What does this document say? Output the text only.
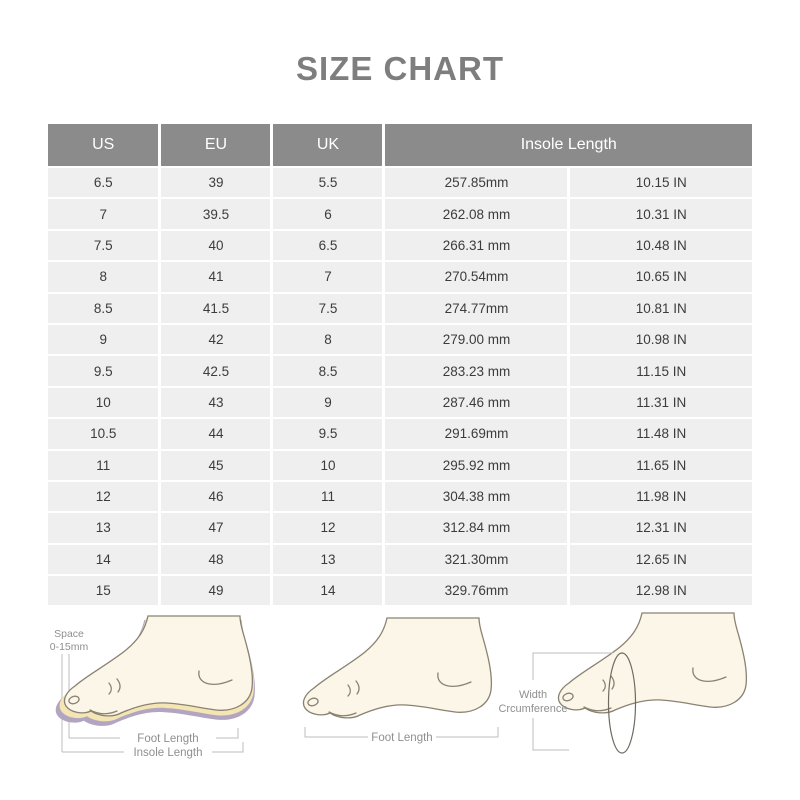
SIZE CHART
US	EU	UK	Insole Length	
6.5	39	5.5	257.85mm	10.15 IN
7	39.5	6	262.08 mm	10.31 IN
7.5	40	6.5	266.31 mm	10.48 IN
8	41	7	270.54mm	10.65 IN
8.5	41.5	7.5	274.77mm	10.81 IN
9	42	8	279.00 mm	10.98 IN
9.5	42.5	8.5	283.23 mm	11.15 IN
10	43	9	287.46 mm	11.31 IN
10.5	44	9.5	291.69mm	11.48 IN
11	45	10	295.92 mm	11.65 IN
12	46	11	304.38 mm	11.98 IN
13	47	12	312.84 mm	12.31 IN
14	48	13	321.30mm	12.65 IN
15	49	14	329.76mm	12.98 IN
Space
0-15mm
Foot Length
Insole Length
Foot Length
Width
Crcumference
